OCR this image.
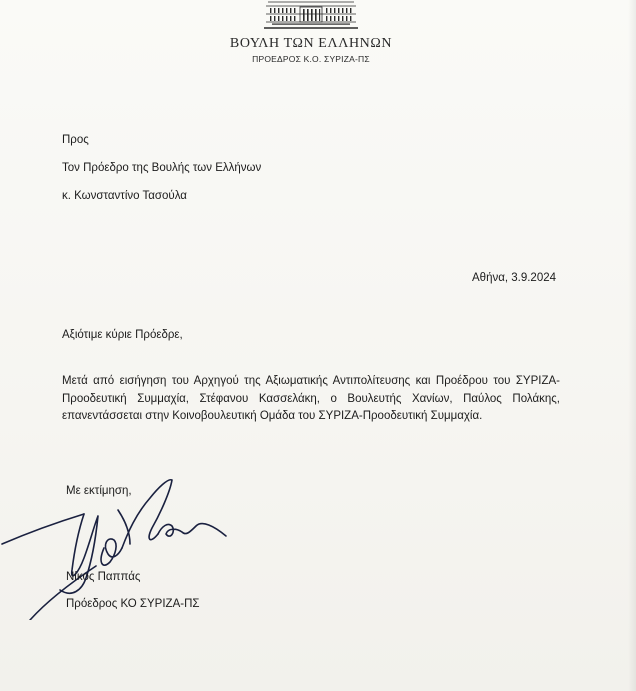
ΒΟΥΛΗ ΤΩΝ ΕΛΛΗΝΩΝ
ΠΡΟΕΔΡΟΣ Κ.Ο. ΣΥΡΙΖΑ-ΠΣ
Προς
Τον Πρόεδρο της Βουλής των Ελλήνων
κ. Κωνσταντίνο Τασούλα
Αθήνα, 3.9.2024
Αξιότιμε κύριε Πρόεδρε,
Μετά από εισήγηση του Αρχηγού της Αξιωματικής Αντιπολίτευσης και Προέδρου του ΣΥΡΙΖΑ-Προοδευτική Συμμαχία, Στέφανου Κασσελάκη, ο Βουλευτής Χανίων, Παύλος Πολάκης, επανεντάσσεται στην Κοινοβουλευτική Ομάδα του ΣΥΡΙΖΑ-Προοδευτική Συμμαχία.
Με εκτίμηση,
Νίκος Παππάς
Πρόεδρος ΚΟ ΣΥΡΙΖΑ-ΠΣ
